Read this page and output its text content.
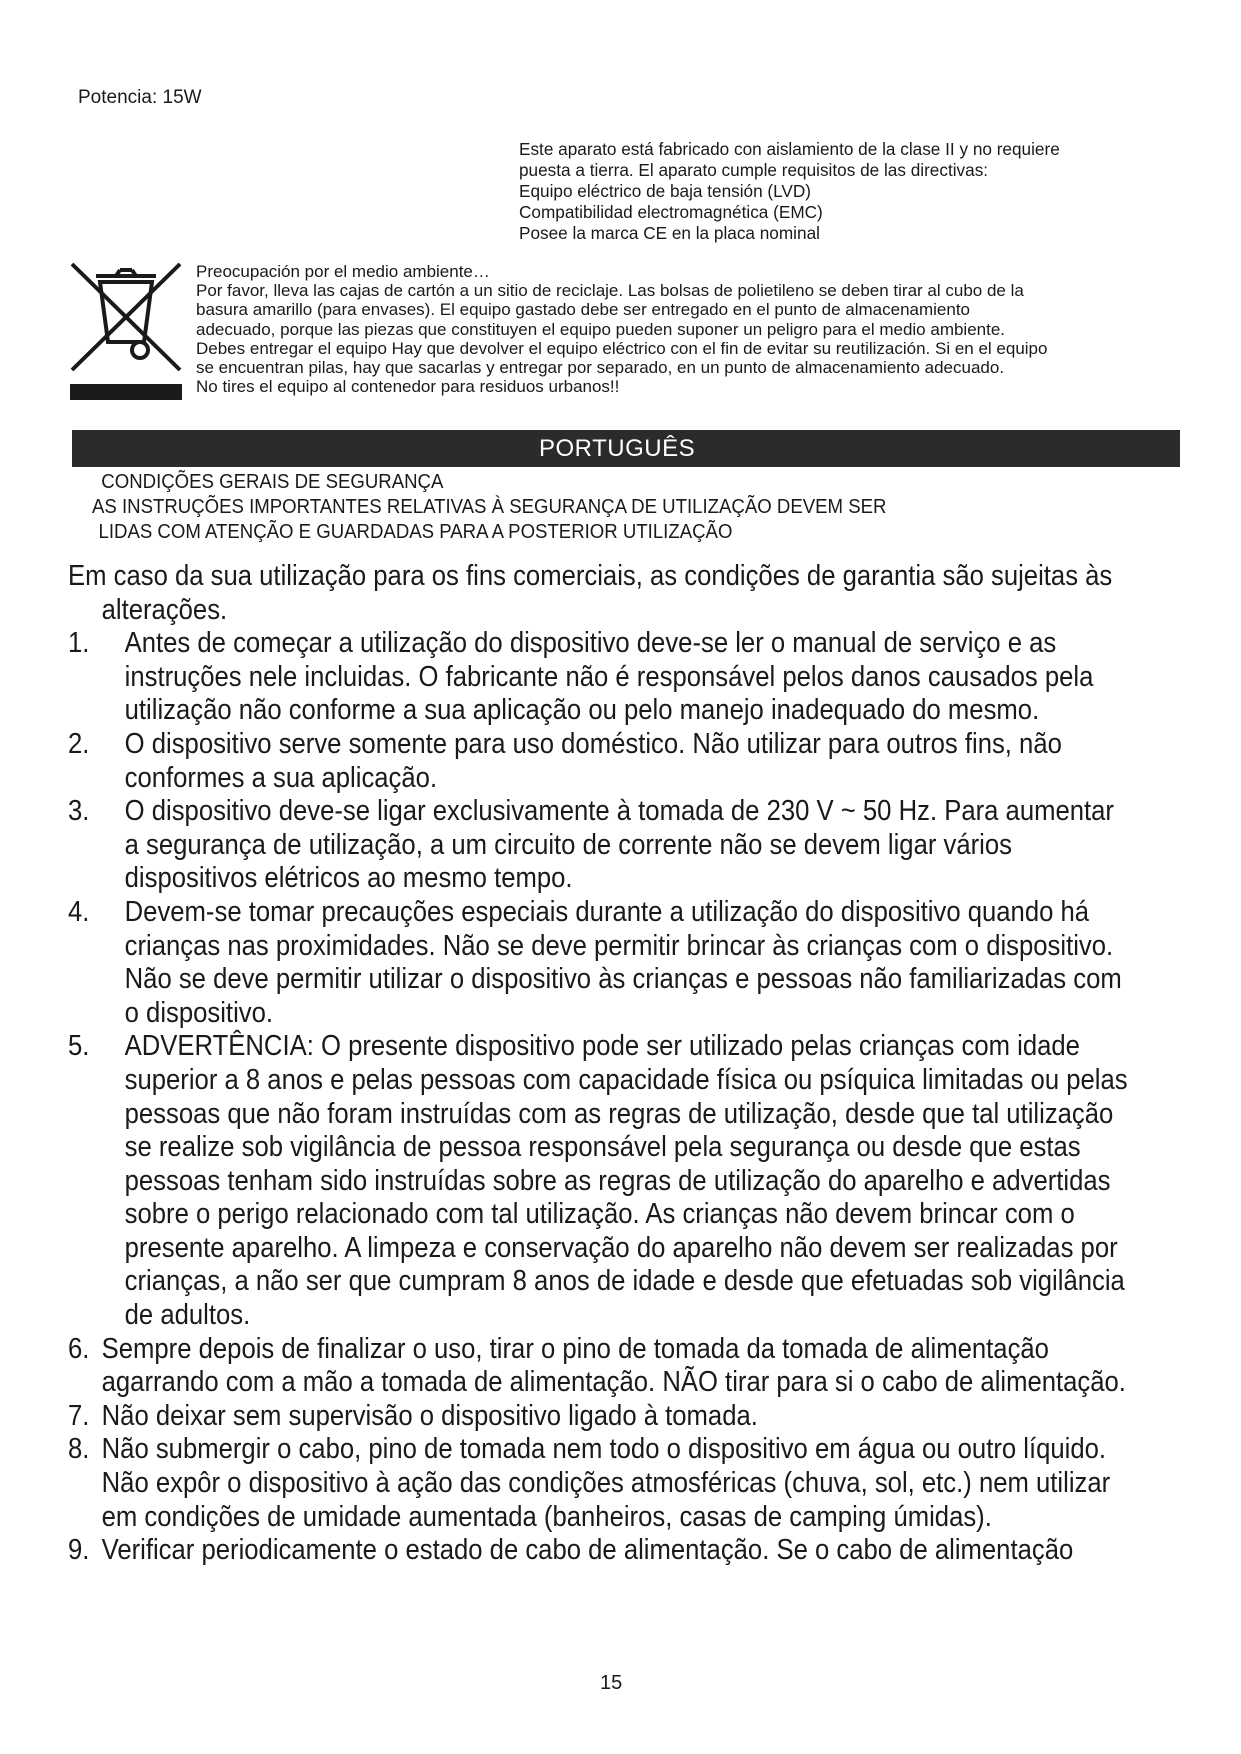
Potencia: 15W
Este aparato está fabricado con aislamiento de la clase II y no requiere
puesta a tierra. El aparato cumple requisitos de las directivas:
Equipo eléctrico de baja tensión (LVD)
Compatibilidad electromagnética (EMC)
Posee la marca CE en la placa nominal
Preocupación por el medio ambiente…
Por favor, lleva las cajas de cartón a un sitio de reciclaje. Las bolsas de polietileno se deben tirar al cubo de la
basura amarillo (para envases). El equipo gastado debe ser entregado en el punto de almacenamiento
adecuado, porque las piezas que constituyen el equipo pueden suponer un peligro para el medio ambiente.
Debes entregar el equipo Hay que devolver el equipo eléctrico con el fin de evitar su reutilización. Si en el equipo
se encuentran pilas, hay que sacarlas y entregar por separado, en un punto de almacenamiento adecuado.
No tires el equipo al contenedor para residuos urbanos!!
PORTUGUÊS
CONDIÇÕES GERAIS DE SEGURANÇA
AS INSTRUÇÕES IMPORTANTES RELATIVAS À SEGURANÇA DE UTILIZAÇÃO DEVEM SER
LIDAS COM ATENÇÃO E GUARDADAS PARA A POSTERIOR UTILIZAÇÃO

Em caso da sua utilização para os fins comerciais, as condições de garantia são sujeitas às alterações.

1.	Antes de começar a utilização do dispositivo deve-se ler o manual de serviço e as instruções nele incluidas. O fabricante não é responsável pelos danos causados pela utilização não conforme a sua aplicação ou pelo manejo inadequado do mesmo.
2.	O dispositivo serve somente para uso doméstico. Não utilizar para outros fins, não conformes a sua aplicação.
3.	O dispositivo deve-se ligar exclusivamente à tomada de 230 V ~ 50 Hz. Para aumentar a segurança de utilização, a um circuito de corrente não se devem ligar vários dispositivos elétricos ao mesmo tempo.
4.	Devem-se tomar precauções especiais durante a utilização do dispositivo quando há crianças nas proximidades. Não se deve permitir brincar às crianças com o dispositivo. Não se deve permitir utilizar o dispositivo às crianças e pessoas não familiarizadas com o dispositivo.
5.	ADVERTÊNCIA: O presente dispositivo pode ser utilizado pelas crianças com idade superior a 8 anos e pelas pessoas com capacidade física ou psíquica limitadas ou pelas pessoas que não foram instruídas com as regras de utilização, desde que tal utilização se realize sob vigilância de pessoa responsável pela segurança ou desde que estas pessoas tenham sido instruídas sobre as regras de utilização do aparelho e advertidas sobre o perigo relacionado com tal utilização. As crianças não devem brincar com o presente aparelho. A limpeza e conservação do aparelho não devem ser realizadas por crianças, a não ser que cumpram 8 anos de idade e desde que efetuadas sob vigilância de adultos.
6. Sempre depois de finalizar o uso, tirar o pino de tomada da tomada de alimentação agarrando com a mão a tomada de alimentação. NÃO tirar para si o cabo de alimentação.
7. Não deixar sem supervisão o dispositivo ligado à tomada.
8. Não submergir o cabo, pino de tomada nem todo o dispositivo em água ou outro líquido. Não expôr o dispositivo à ação das condições atmosféricas (chuva, sol, etc.) nem utilizar em condições de umidade aumentada (banheiros, casas de camping úmidas).
9. Verificar periodicamente o estado de cabo de alimentação. Se o cabo de alimentação
15
